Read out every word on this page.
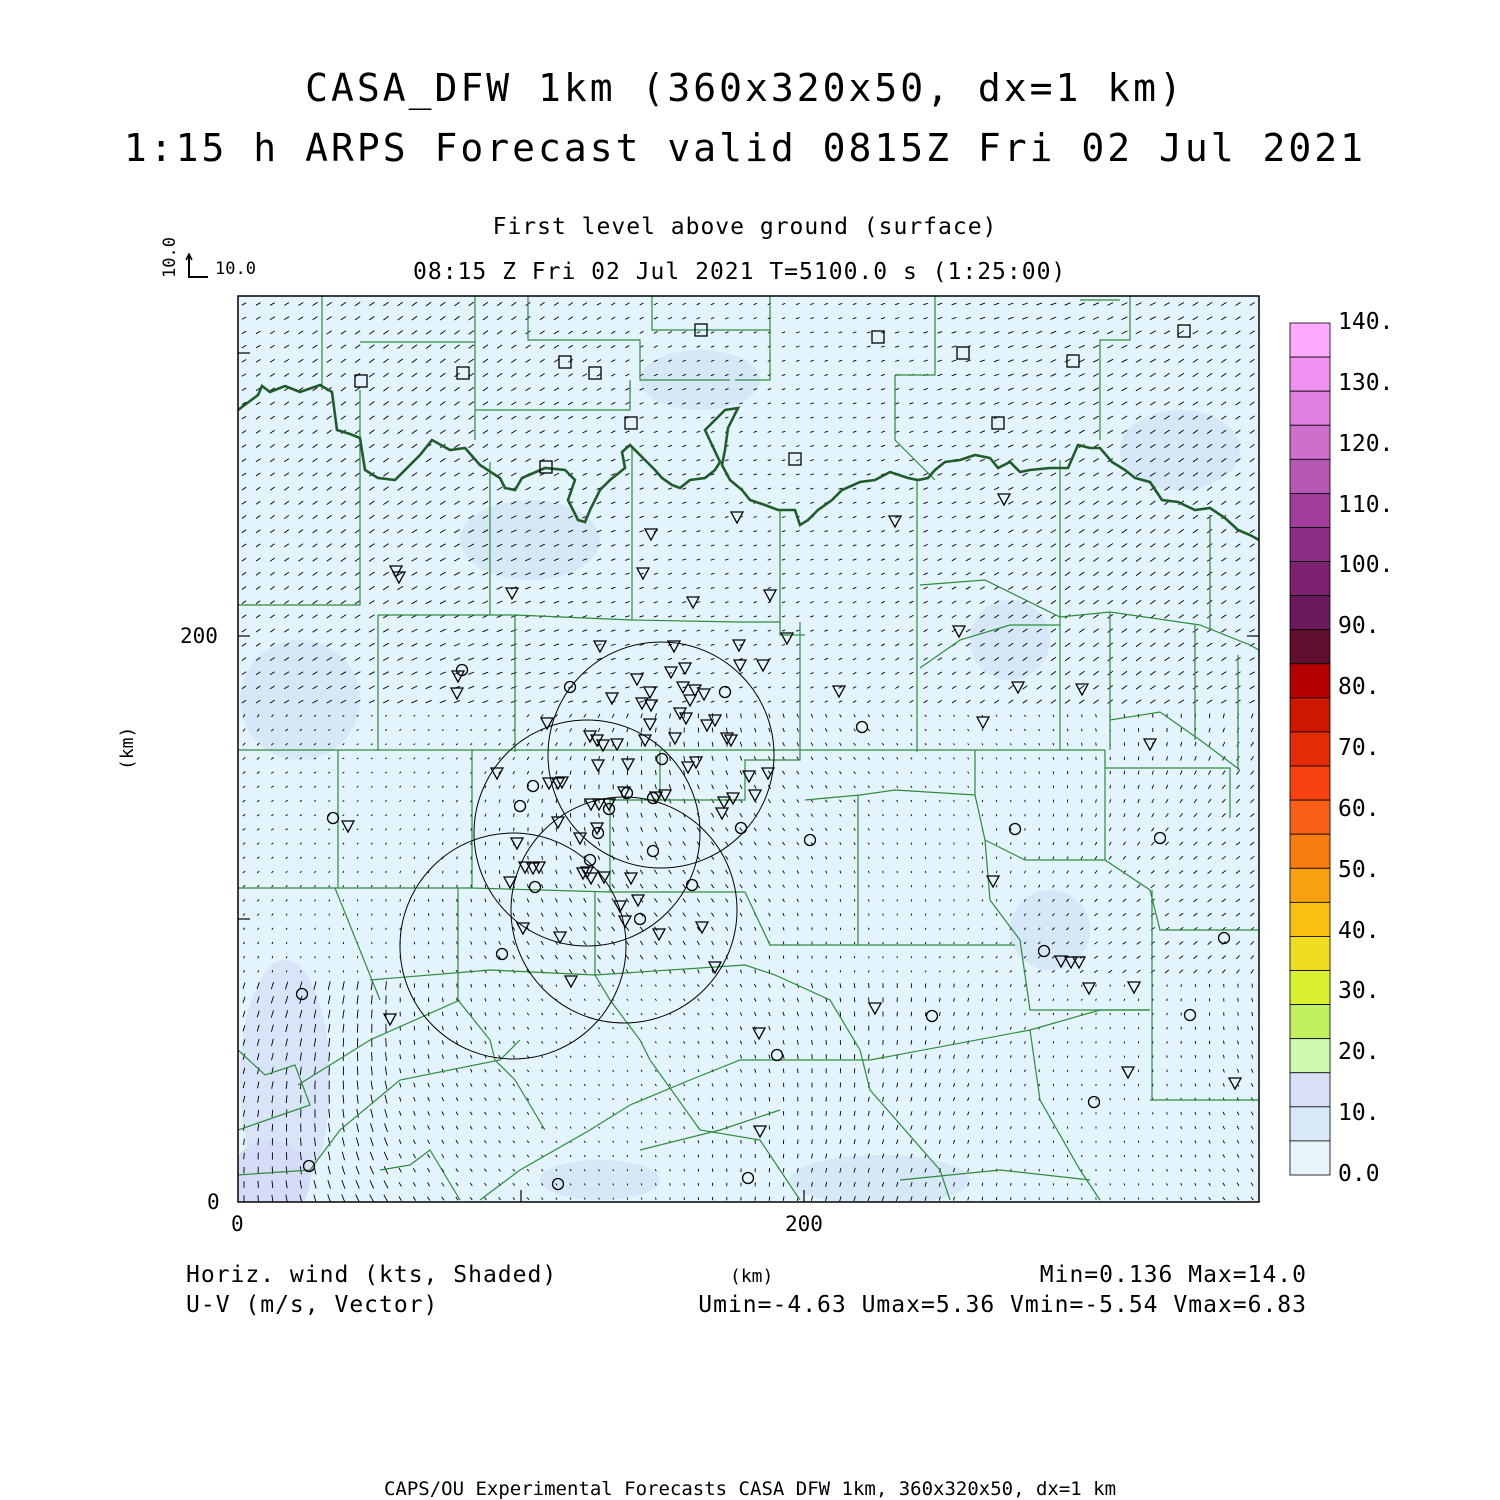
CASA_DFW 1km (360x320x50, dx=1 km)
1:15 h ARPS Forecast valid 0815Z Fri 02 Jul 2021
First level above ground (surface)
08:15 Z Fri 02 Jul 2021 T=5100.0 s (1:25:00)
10.0 10.0
200
0
0	200
(km)
(km)
140.
130.
120.
110.
100.
90.
80.
70.
60.
50.
40.
30.
20.
10.
0.0
Horiz. wind (kts, Shaded)
U-V (m/s, Vector)
Min=0.136 Max=14.0
Umin=-4.63 Umax=5.36 Vmin=-5.54 Vmax=6.83
CAPS/OU Experimental Forecasts CASA DFW 1km, 360x320x50, dx=1 km
